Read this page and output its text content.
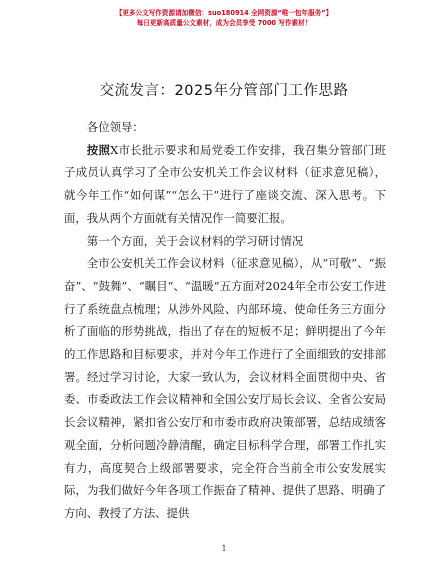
【更多公文写作资源请加微信：suo180914 全网资源“唯一包年服务”】
每日更新高质量公文素材，成为会员享受 7000 写作素材！
交流发言：2025年分管部门工作思路

各位领导：

按照X市长批示要求和局党委工作安排，我召集分管部门班子成员认真学习了全市公安机关工作会议材料（征求意见稿），就今年工作“如何谋”“怎么干”进行了座谈交流、深入思考。下面，我从两个方面就有关情况作一简要汇报。

第一个方面，关于会议材料的学习研讨情况

全市公安机关工作会议材料（征求意见稿），从“可敬”、“振奋”、“鼓舞”、“瞩目”、“温暖”五方面对2024年全市公安工作进行了系统盘点梳理；从涉外风险、内部环境、使命任务三方面分析了面临的形势挑战，指出了存在的短板不足；鲜明提出了今年的工作思路和目标要求，并对今年工作进行了全面细致的安排部署。经过学习讨论，大家一致认为，会议材料全面贯彻中央、省委、市委政法工作会议精神和全国公安厅局长会议、全省公安局长会议精神，紧扣省公安厅和市委市政府决策部署，总结成绩客观全面，分析问题冷静清醒，确定目标科学合理，部署工作扎实有力，高度契合上级部署要求，完全符合当前全市公安发展实际，为我们做好今年各项工作振奋了精神、提供了思路、明确了方向、教授了方法、提供

1
